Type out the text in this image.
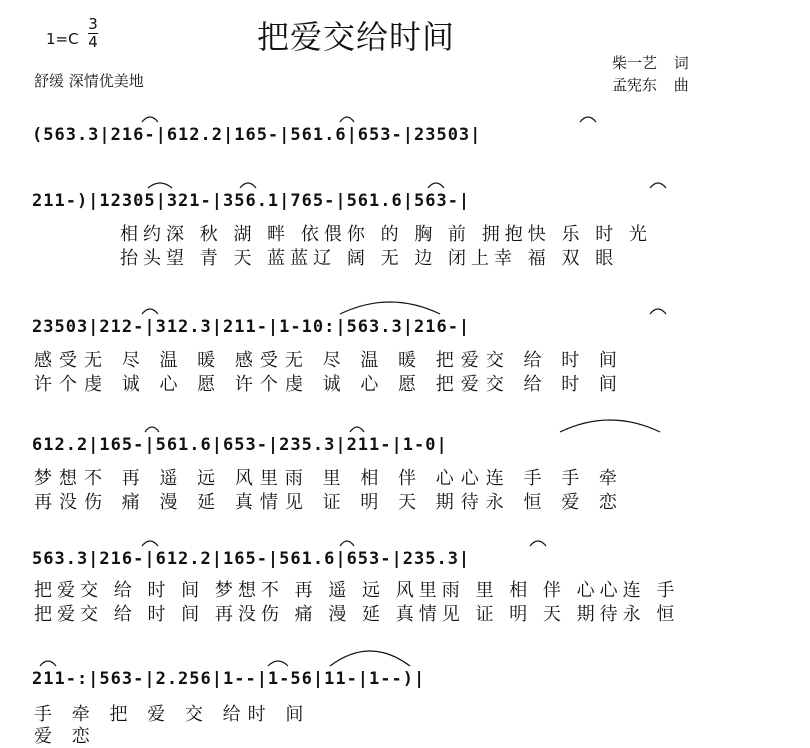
1=C
3
4	把爱交给时间
舒缓 深情优美地
柴一艺 词
孟宪东 曲
(563.3|216-|612.2|165-|561.6|653-|23503|
211-)|12305|321-|356.1|765-|561.6|563-|
相约深 秋 湖 畔 依偎你 的 胸 前 拥抱快 乐 时 光
抬头望 青 天 蓝蓝辽 阔 无 边 闭上幸 福 双 眼
23503|212-|312.3|211-|1-10:|563.3|216-|
感受无 尽 温 暖 感受无 尽 温 暖 把爱交 给 时 间
许个虔 诚 心 愿 许个虔 诚 心 愿 把爱交 给 时 间
612.2|165-|561.6|653-|235.3|211-|1-0|
梦想不 再 遥 远 风里雨 里 相 伴 心心连 手 手 牵
再没伤 痛 漫 延 真情见 证 明 天 期待永 恒 爱 恋
563.3|216-|612.2|165-|561.6|653-|235.3|
把爱交 给 时 间 梦想不 再 遥 远 风里雨 里 相 伴 心心连 手
把爱交 给 时 间 再没伤 痛 漫 延 真情见 证 明 天 期待永 恒
211-:|563-|2.256|1--|1-56|11-|1--)|
手 牵 把 爱 交 给时 间
爱 恋
